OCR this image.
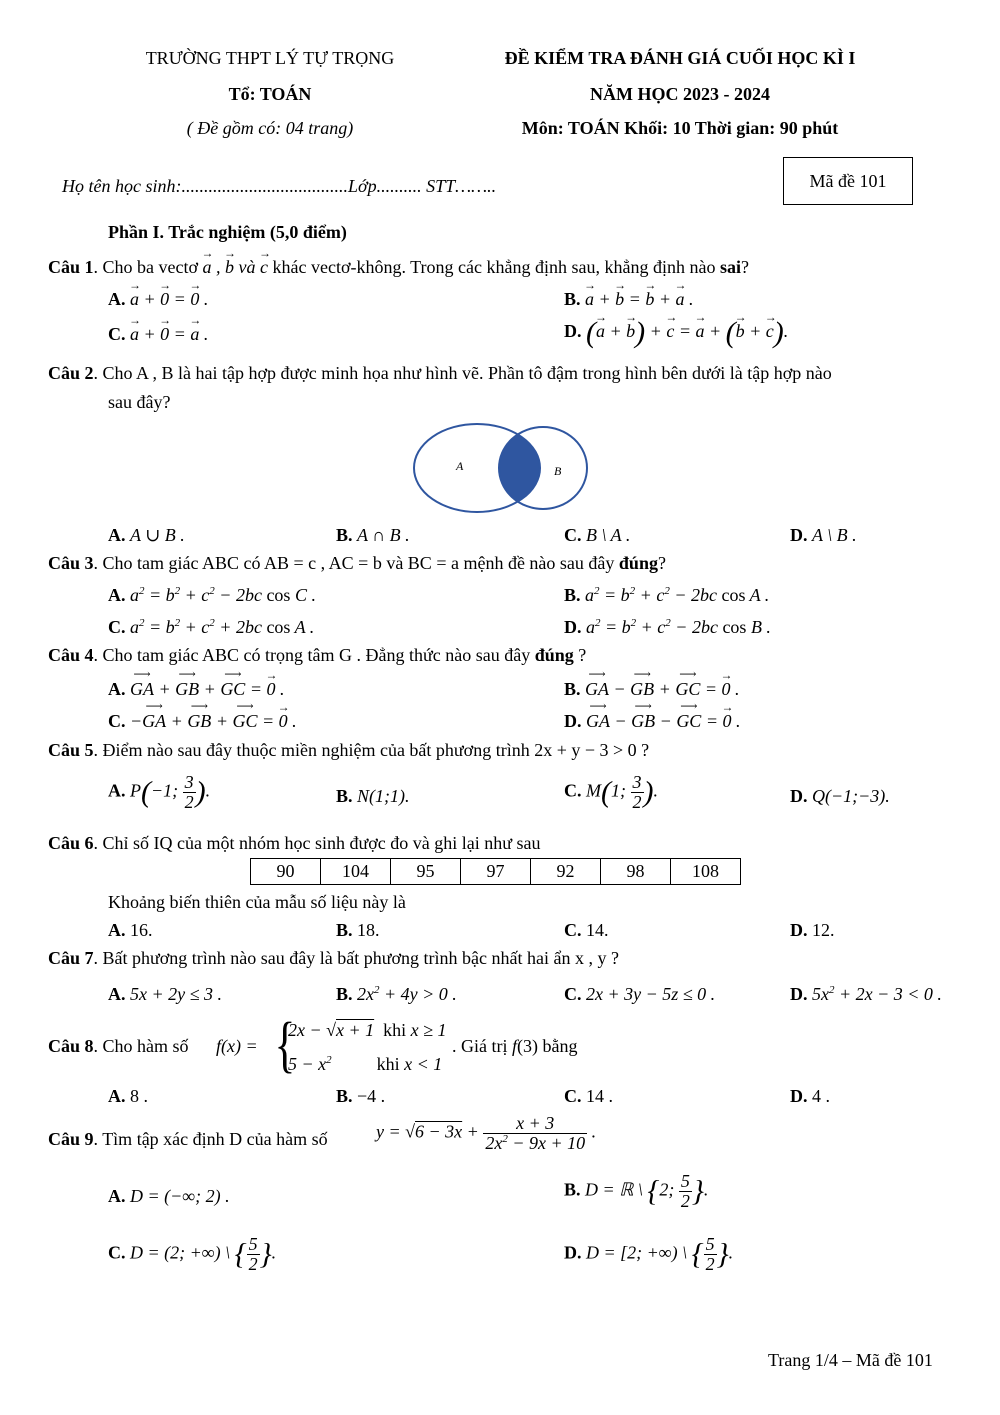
TRƯỜNG THPT LÝ TỰ TRỌNG
Tổ: TOÁN
( Đề gồm có: 04 trang)
ĐỀ KIỂM TRA ĐÁNH GIÁ CUỐI HỌC KÌ I
NĂM HỌC 2023 - 2024
Môn: TOÁN Khối: 10 Thời gian: 90 phút
Họ tên học sinh:.....................................Lớp.......... STT……..	Mã đề 101
Phần I. Trắc nghiệm (5,0 điểm)
Câu 1. Cho ba vectơ → a , → b và → c khác vectơ-không. Trong các khẳng định sau, khẳng định nào sai?
A. → a + → 0 = → 0 .	B. → a + → b = → b + → a .
C. → a + → 0 = → a .	D. (→ a + → b) + → c = → a + (→ b + → c).
Câu 2. Cho A , B là hai tập hợp được minh họa như hình vẽ. Phần tô đậm trong hình bên dưới là tập hợp nào
sau đây?
A	B
A. A ∪ B .	B. A ∩ B .	C. B \ A .	D. A \ B .
Câu 3. Cho tam giác ABC có AB = c , AC = b và BC = a mệnh đề nào sau đây đúng?
A. $a^2 = b^2 + c^2 - 2bc$ cos C .	B. $a^2 = b^2 + c^2 - 2bc$ cos A .
C. $a^2 = b^2 + c^2 + 2bc$ cos A .	D. $a^2 = b^2 + c^2 - 2bc$ cos B .
Câu 4. Cho tam giác ABC có trọng tâm G . Đẳng thức nào sau đây đúng ?
A. ⟶ GA + ⟶ GB + ⟶ GC = → 0 .	B. ⟶ GA − ⟶ GB + ⟶ GC = → 0 .
C. −⟶ GA + ⟶ GB + ⟶ GC = → 0 .	D. ⟶ GA − ⟶ GB − ⟶ GC = → 0 .
Câu 5. Điểm nào sau đây thuộc miền nghiệm của bất phương trình 2x + y − 3 > 0 ?
A. P(−1; $\frac{3}{2}$ ).	B. N(1;1).	C. M(1; $\frac{3}{2}$ ).	D. Q(−1;−3).
Câu 6. Chỉ số IQ của một nhóm học sinh được đo và ghi lại như sau
90	104	95	97	92	98	108
Khoảng biến thiên của mẫu số liệu này là
A. 16.	B. 18.	C. 14.	D. 12.
Câu 7. Bất phương trình nào sau đây là bất phương trình bậc nhất hai ẩn x , y ?
A. 5x + 2y ≤ 3 .	B. $2x^2 + 4y > 0$ .	C. 2x + 3y − 5z ≤ 0 .	D. $5x^2 + 2x - 3 < 0$ .
Câu 8. Cho hàm số f(x) = {
2x − √x + 1 khi x ≥ 1
$5 - x^2$	khi x < 1
. Giá trị f(3) bằng
A. 8 .	B. −4 .	C. 14 .	D. 4 .
Câu 9. Tìm tập xác định D của hàm số	$y = √6 - 3x + \frac{x + 3}{2x^2 - 9x + 10}$ .
A. D = (−∞; 2) .	B. D = ℝ \ {2; $\frac{5}{2}$ }.
C. D = (2; +∞) \ { $\frac{5}{2}$ }.	D. D = [2; +∞) \ { $\frac{5}{2}$ }.
Trang 1/4 – Mã đề 101
